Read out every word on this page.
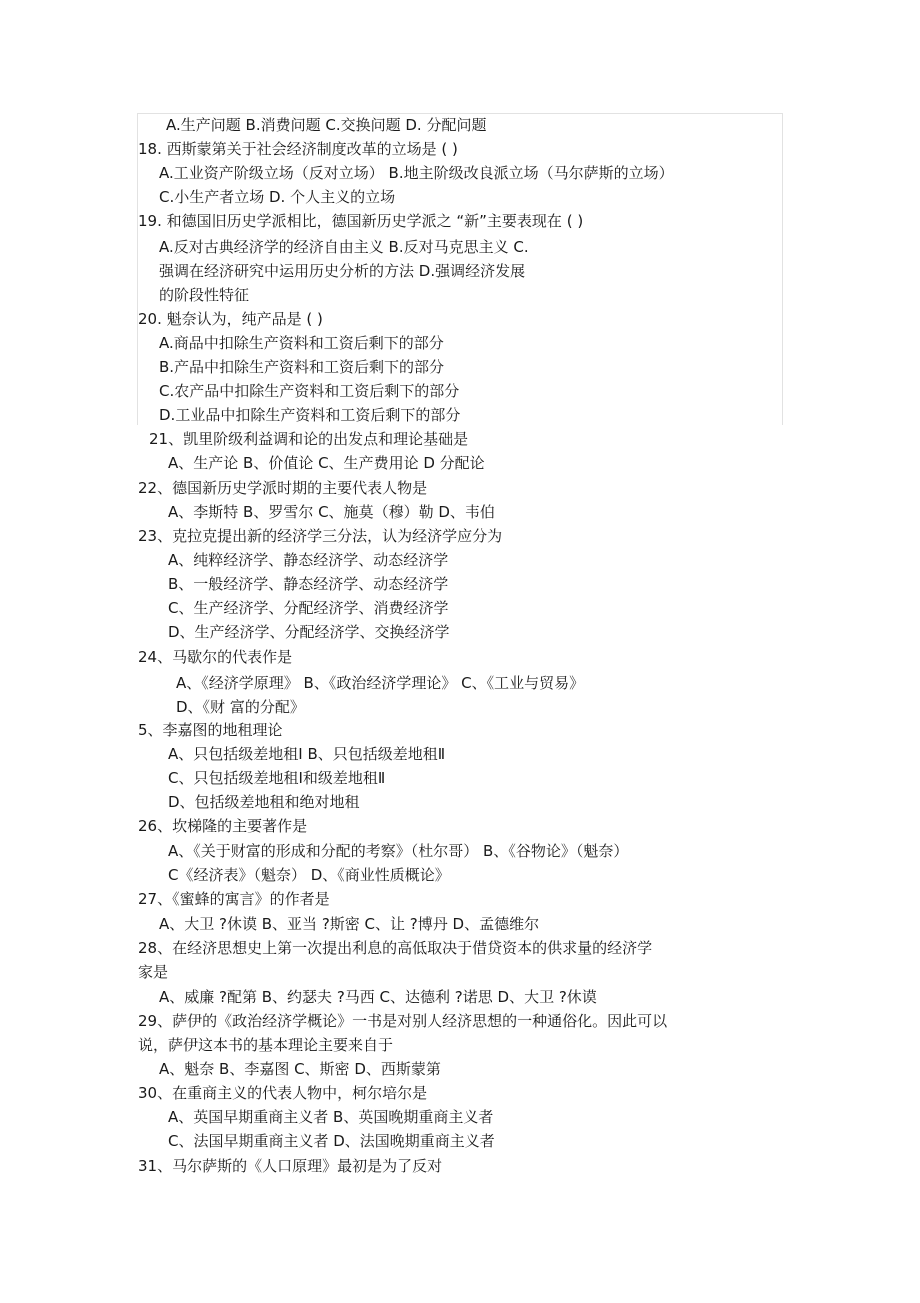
A.生产问题 B.消费问题 C.交换问题 D. 分配问题
18. 西斯蒙第关于社会经济制度改革的立场是 ( )
A.工业资产阶级立场（反对立场） B.地主阶级改良派立场（马尔萨斯的立场）
C.小生产者立场 D. 个人主义的立场
19. 和德国旧历史学派相比，德国新历史学派之 “新”主要表现在 ( )
A.反对古典经济学的经济自由主义 B.反对马克思主义 C.
强调在经济研究中运用历史分析的方法 D.强调经济发展
的阶段性特征
20. 魁奈认为，纯产品是 ( )
A.商品中扣除生产资料和工资后剩下的部分
B.产品中扣除生产资料和工资后剩下的部分
C.农产品中扣除生产资料和工资后剩下的部分
D.工业品中扣除生产资料和工资后剩下的部分
21、凯里阶级利益调和论的出发点和理论基础是
A、生产论 B、价值论 C、生产费用论 D 分配论
22、德国新历史学派时期的主要代表人物是
A、李斯特 B、罗雪尔 C、施莫（穆）勒 D、韦伯
23、克拉克提出新的经济学三分法，认为经济学应分为
A、纯粹经济学、静态经济学、动态经济学
B、一般经济学、静态经济学、动态经济学
C、生产经济学、分配经济学、消费经济学
D、生产经济学、分配经济学、交换经济学
24、马歇尔的代表作是
A、《经济学原理》 B、《政治经济学理论》 C、《工业与贸易》
D、《财 富的分配》
5、李嘉图的地租理论
A、只包括级差地租Ⅰ B、只包括级差地租Ⅱ
C、只包括级差地租Ⅰ和级差地租Ⅱ
D、包括级差地租和绝对地租
26、坎梯隆的主要著作是
A、《关于财富的形成和分配的考察》（杜尔哥） B、《谷物论》（魁奈）
C《经济表》（魁奈） D、《商业性质概论》
27、《蜜蜂的寓言》的作者是
A、大卫 ?休谟 B、亚当 ?斯密 C、让 ?博丹 D、孟德维尔
28、在经济思想史上第一次提出利息的高低取决于借贷资本的供求量的经济学
家是
A、威廉 ?配第 B、约瑟夫 ?马西 C、达德利 ?诺思 D、大卫 ?休谟
29、萨伊的《政治经济学概论》一书是对别人经济思想的一种通俗化。因此可以
说，萨伊这本书的基本理论主要来自于
A、魁奈 B、李嘉图 C、斯密 D、西斯蒙第
30、在重商主义的代表人物中，柯尔培尔是
A、英国早期重商主义者 B、英国晚期重商主义者
C、法国早期重商主义者 D、法国晚期重商主义者
31、马尔萨斯的《人口原理》最初是为了反对
